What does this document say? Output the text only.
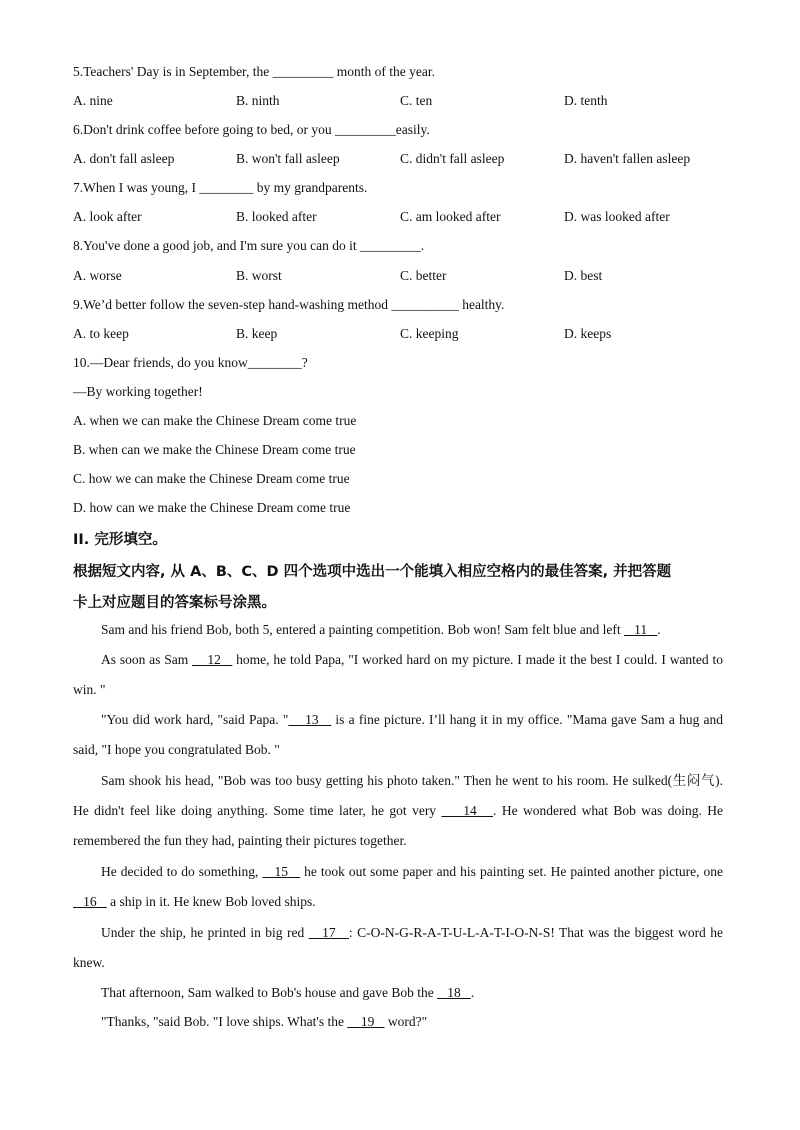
5.Teachers' Day is in September, the _________ month of the year.
A. nine	B. ninth	C. ten	D. tenth
6.Don't drink coffee before going to bed, or you _________easily.
A. don't fall asleep	B. won't fall asleep	C. didn't fall asleep	D. haven't fallen asleep
7.When I was young, I ________ by my grandparents.
A. look after	B. looked after	C. am looked after	D. was looked after
8.You've done a good job, and I'm sure you can do it _________.
A. worse	B. worst	C. better	D. best
9.We’d better follow the seven-step hand-washing method __________ healthy.
A. to keep	B. keep	C. keeping	D. keeps
10.—Dear friends, do you know________?
—By working together!
A. when we can make the Chinese Dream come true
B. when can we make the Chinese Dream come true
C. how we can make the Chinese Dream come true
D. how can we make the Chinese Dream come true
II. 完形填空。
根据短文内容, 从 A、B、C、D 四个选项中选出一个能填入相应空格内的最佳答案, 并把答题
卡上对应题目的答案标号涂黑。
Sam and his friend Bob, both 5, entered a painting competition. Bob won! Sam felt blue and left    11 .
As soon as Sam     12    home, he told Papa, "I worked hard on my picture. I made it the best I could. I wanted to win. "
"You did work hard, "said Papa. " 13    is a fine picture. I’ll hang it in my office. "Mama gave Sam a hug and said, "I hope you congratulated Bob. "
Sam shook his head, "Bob was too busy getting his photo taken." Then he went to his room. He sulked(生闷气). He didn't feel like doing anything. Some time later, he got very     14 . He wondered what Bob was doing. He remembered the fun they had, painting their pictures together.
He decided to do something,    15    he took out some paper and his painting set. He painted another picture, one    16    a ship in it. He knew Bob loved ships.
Under the ship, he printed in big red    17 : C-O-N-G-R-A-T-U-L-A-T-I-O-N-S! That was the biggest word he knew.
That afternoon, Sam walked to Bob's house and gave Bob the    18 .
"Thanks, "said Bob. "I love ships. What's the     19    word?"
